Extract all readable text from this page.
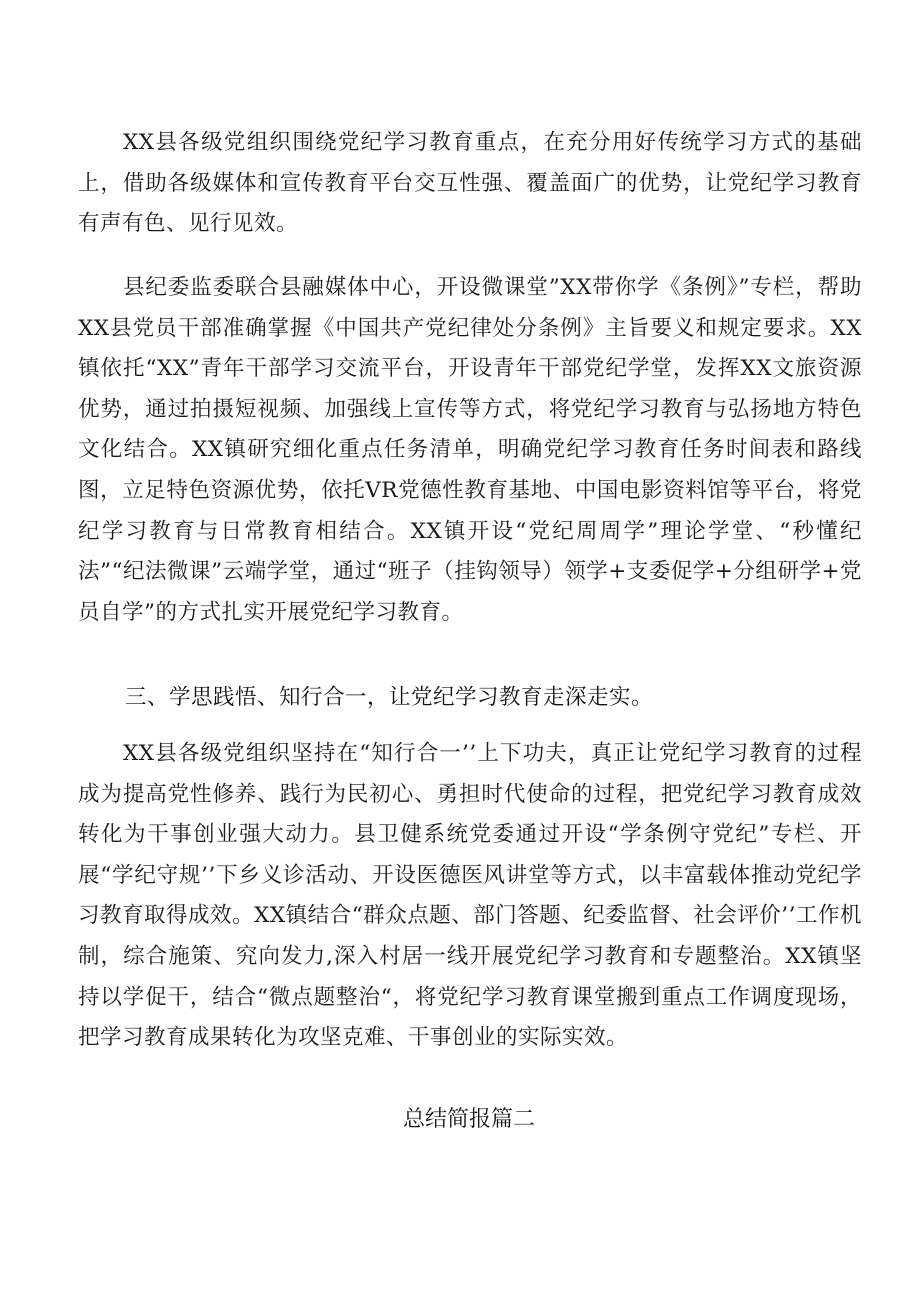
XX县各级党组织围绕党纪学习教育重点，在充分用好传统学习方式的基础上，借助各级媒体和宣传教育平台交互性强、覆盖面广的优势，让党纪学习教育有声有色、见行见效。

县纪委监委联合县融媒体中心，开设微课堂”XX带你学《条例》”专栏，帮助XX县党员干部准确掌握《中国共产党纪律处分条例》主旨要义和规定要求。XX镇依托“XX”青年干部学习交流平台，开设青年干部党纪学堂，发挥XX文旅资源优势，通过拍摄短视频、加强线上宣传等方式，将党纪学习教育与弘扬地方特色文化结合。XX镇研究细化重点任务清单，明确党纪学习教育任务时间表和路线图，立足特色资源优势，依托VR党德性教育基地、中国电影资料馆等平台，将党纪学习教育与日常教育相结合。XX镇开设“党纪周周学”理论学堂、“秒懂纪法”“纪法微课”云端学堂，通过“班子（挂钩领导）领学+支委促学+分组研学+党员自学”的方式扎实开展党纪学习教育。

三、学思践悟、知行合一，让党纪学习教育走深走实。

XX县各级党组织坚持在“知行合一’’上下功夫，真正让党纪学习教育的过程成为提高党性修养、践行为民初心、勇担时代使命的过程，把党纪学习教育成效转化为干事创业强大动力。县卫健系统党委通过开设“学条例守党纪”专栏、开展“学纪守规’’下乡义诊活动、开设医德医风讲堂等方式，以丰富载体推动党纪学习教育取得成效。XX镇结合“群众点题、部门答题、纪委监督、社会评价’’工作机制，综合施策、究向发力,深入村居一线开展党纪学习教育和专题整治。XX镇坚持以学促干，结合“微点题整治“，将党纪学习教育课堂搬到重点工作调度现场，把学习教育成果转化为攻坚克难、干事创业的实际实效。

总结简报篇二
